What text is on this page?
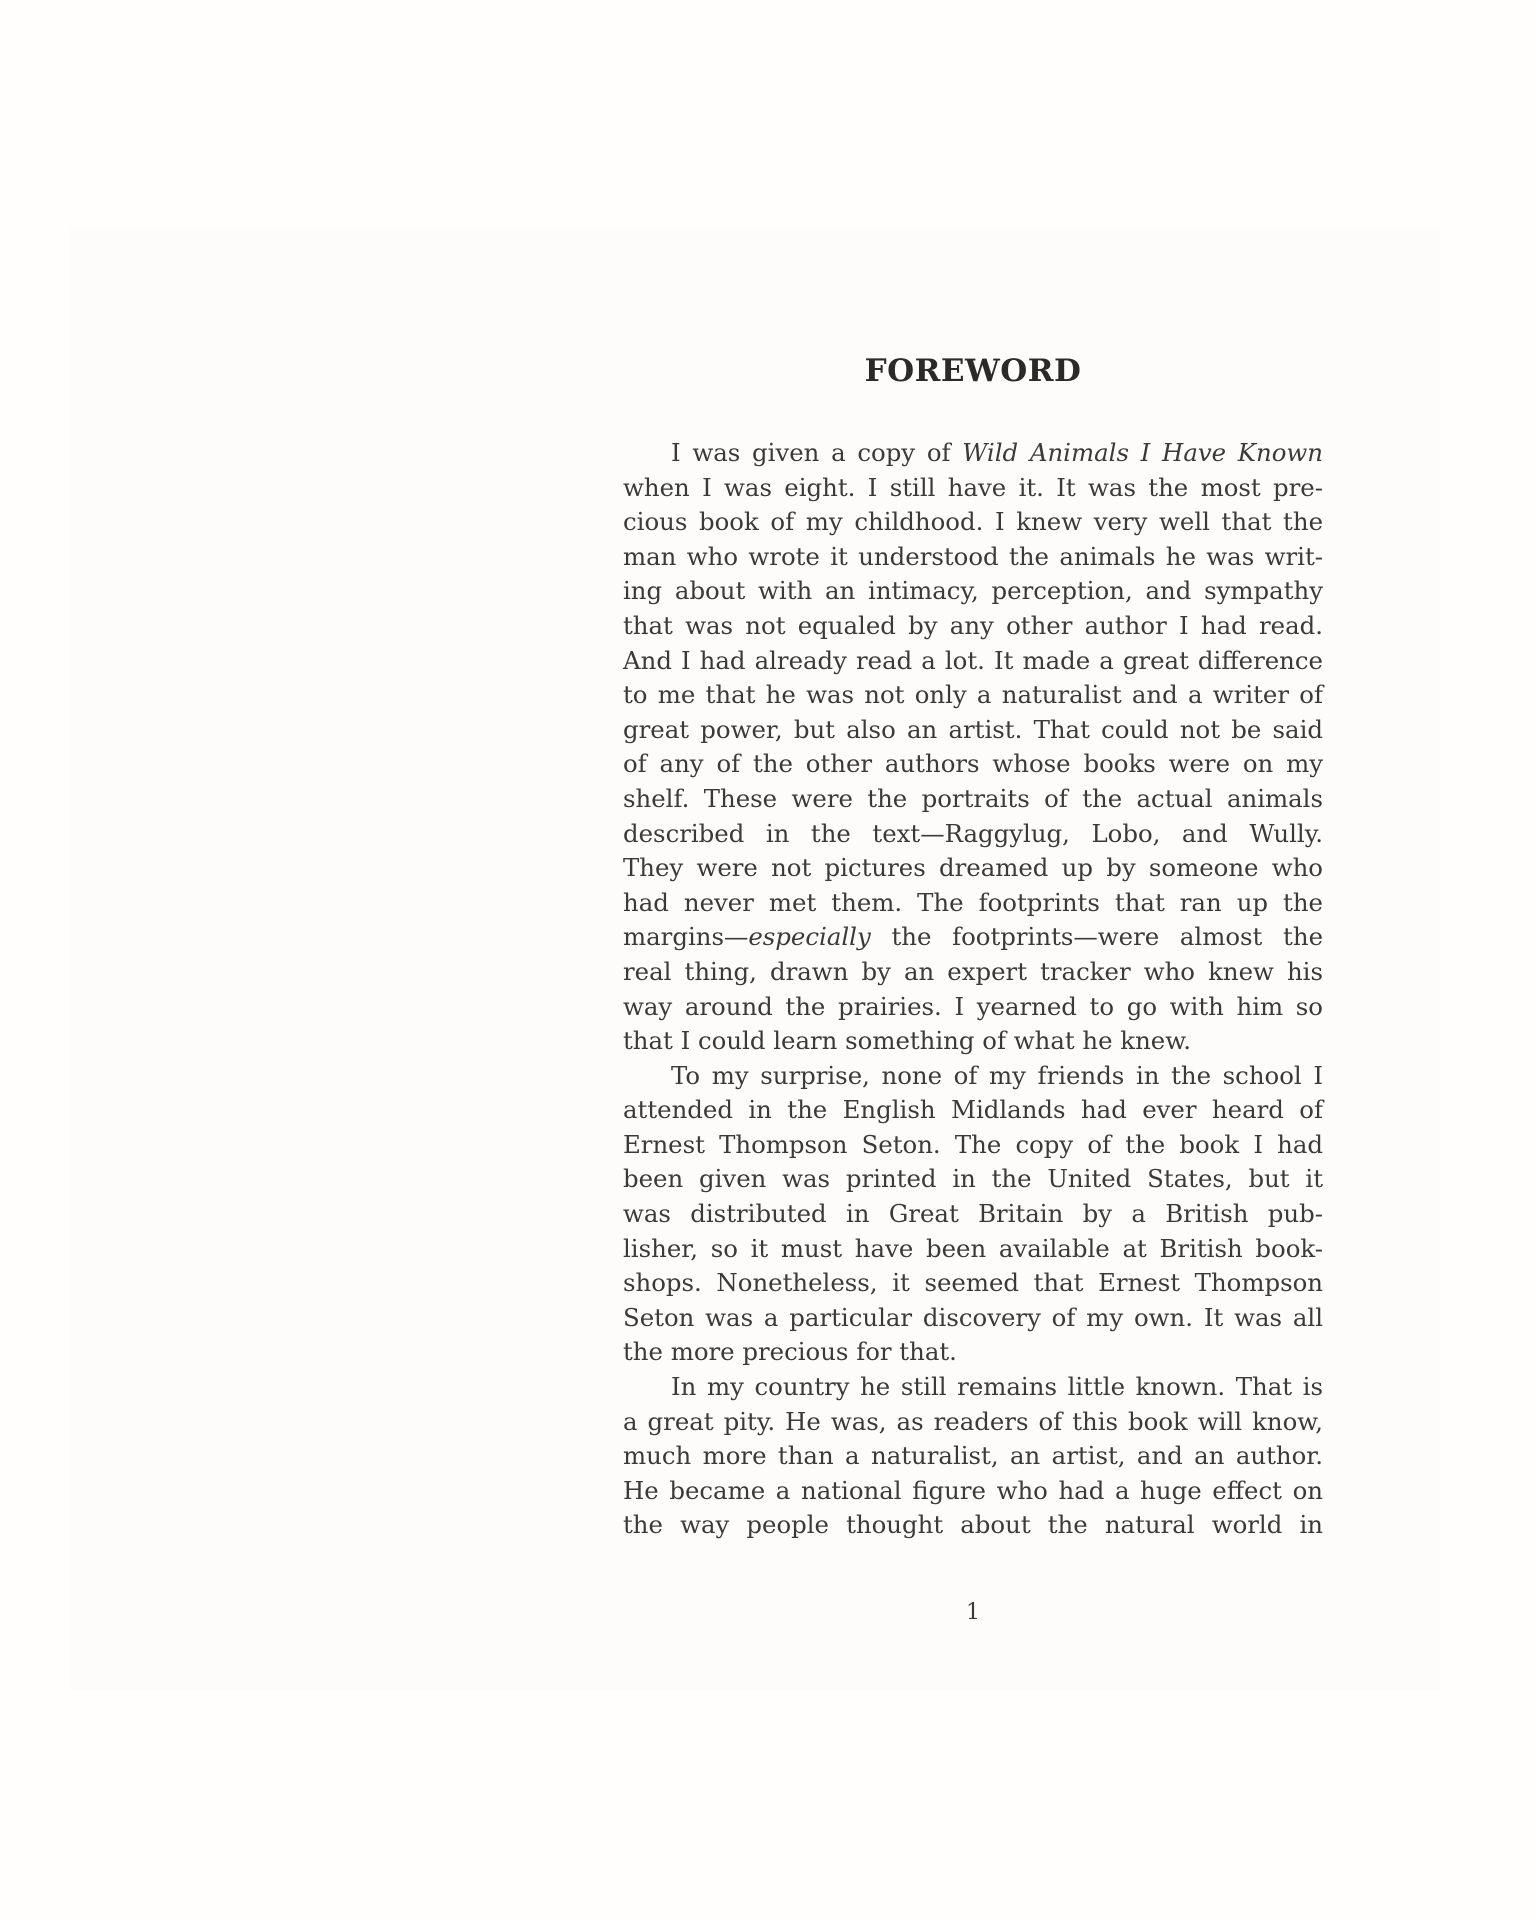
FOREWORD
I was given a copy of Wild Animals I Have Known
when I was eight. I still have it. It was the most pre-
cious book of my childhood. I knew very well that the
man who wrote it understood the animals he was writ-
ing about with an intimacy, perception, and sympathy
that was not equaled by any other author I had read.
And I had already read a lot. It made a great difference
to me that he was not only a naturalist and a writer of
great power, but also an artist. That could not be said
of any of the other authors whose books were on my
shelf. These were the portraits of the actual animals
described in the text—Raggylug, Lobo, and Wully.
They were not pictures dreamed up by someone who
had never met them. The footprints that ran up the
margins—especially the footprints—were almost the
real thing, drawn by an expert tracker who knew his
way around the prairies. I yearned to go with him so
that I could learn something of what he knew.
To my surprise, none of my friends in the school I
attended in the English Midlands had ever heard of
Ernest Thompson Seton. The copy of the book I had
been given was printed in the United States, but it
was distributed in Great Britain by a British pub-
lisher, so it must have been available at British book-
shops. Nonetheless, it seemed that Ernest Thompson
Seton was a particular discovery of my own. It was all
the more precious for that.
In my country he still remains little known. That is
a great pity. He was, as readers of this book will know,
much more than a naturalist, an artist, and an author.
He became a national figure who had a huge effect on
the way people thought about the natural world in
1
